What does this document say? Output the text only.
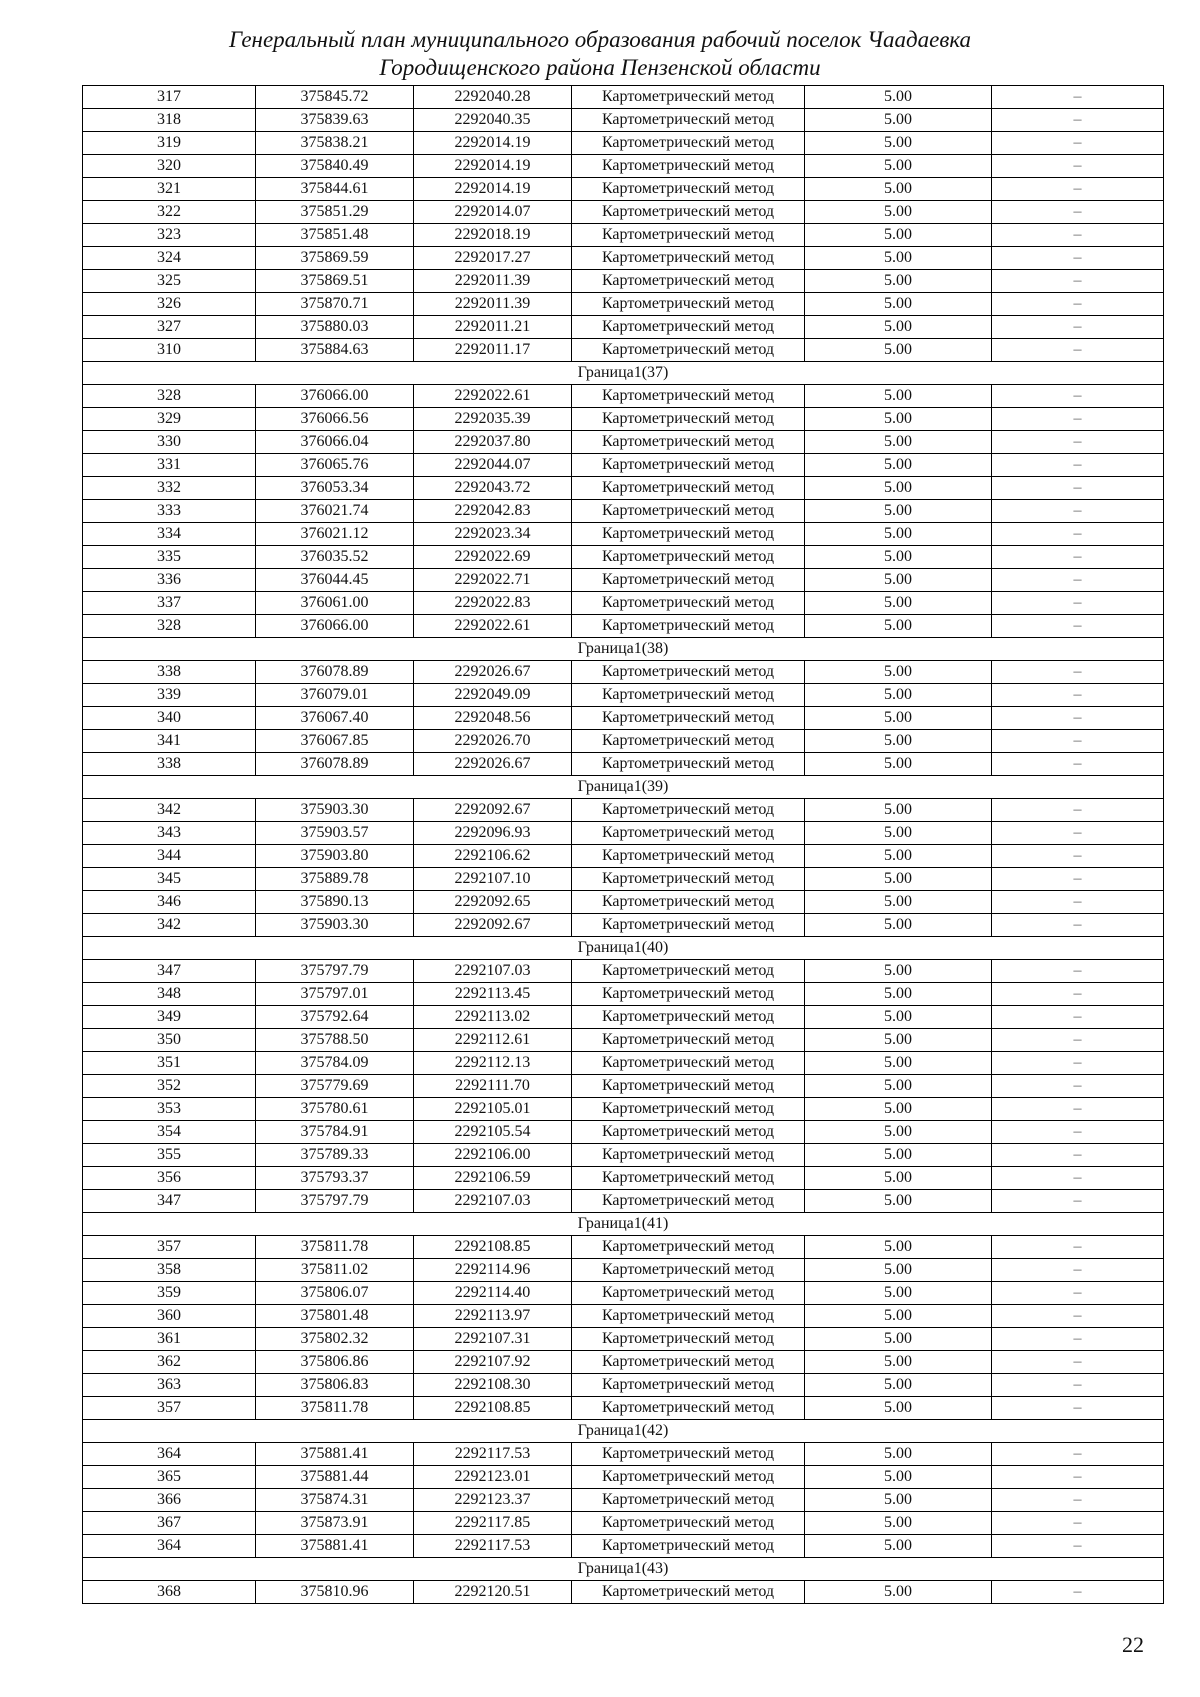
Генеральный план муниципального образования рабочий поселок Чаадаевка
Городищенского района Пензенской области
317	375845.72	2292040.28	Картометрический метод	5.00	–
318	375839.63	2292040.35	Картометрический метод	5.00	–
319	375838.21	2292014.19	Картометрический метод	5.00	–
320	375840.49	2292014.19	Картометрический метод	5.00	–
321	375844.61	2292014.19	Картометрический метод	5.00	–
322	375851.29	2292014.07	Картометрический метод	5.00	–
323	375851.48	2292018.19	Картометрический метод	5.00	–
324	375869.59	2292017.27	Картометрический метод	5.00	–
325	375869.51	2292011.39	Картометрический метод	5.00	–
326	375870.71	2292011.39	Картометрический метод	5.00	–
327	375880.03	2292011.21	Картометрический метод	5.00	–
310	375884.63	2292011.17	Картометрический метод	5.00	–
Граница1(37)					
328	376066.00	2292022.61	Картометрический метод	5.00	–
329	376066.56	2292035.39	Картометрический метод	5.00	–
330	376066.04	2292037.80	Картометрический метод	5.00	–
331	376065.76	2292044.07	Картометрический метод	5.00	–
332	376053.34	2292043.72	Картометрический метод	5.00	–
333	376021.74	2292042.83	Картометрический метод	5.00	–
334	376021.12	2292023.34	Картометрический метод	5.00	–
335	376035.52	2292022.69	Картометрический метод	5.00	–
336	376044.45	2292022.71	Картометрический метод	5.00	–
337	376061.00	2292022.83	Картометрический метод	5.00	–
328	376066.00	2292022.61	Картометрический метод	5.00	–
Граница1(38)					
338	376078.89	2292026.67	Картометрический метод	5.00	–
339	376079.01	2292049.09	Картометрический метод	5.00	–
340	376067.40	2292048.56	Картометрический метод	5.00	–
341	376067.85	2292026.70	Картометрический метод	5.00	–
338	376078.89	2292026.67	Картометрический метод	5.00	–
Граница1(39)					
342	375903.30	2292092.67	Картометрический метод	5.00	–
343	375903.57	2292096.93	Картометрический метод	5.00	–
344	375903.80	2292106.62	Картометрический метод	5.00	–
345	375889.78	2292107.10	Картометрический метод	5.00	–
346	375890.13	2292092.65	Картометрический метод	5.00	–
342	375903.30	2292092.67	Картометрический метод	5.00	–
Граница1(40)					
347	375797.79	2292107.03	Картометрический метод	5.00	–
348	375797.01	2292113.45	Картометрический метод	5.00	–
349	375792.64	2292113.02	Картометрический метод	5.00	–
350	375788.50	2292112.61	Картометрический метод	5.00	–
351	375784.09	2292112.13	Картометрический метод	5.00	–
352	375779.69	2292111.70	Картометрический метод	5.00	–
353	375780.61	2292105.01	Картометрический метод	5.00	–
354	375784.91	2292105.54	Картометрический метод	5.00	–
355	375789.33	2292106.00	Картометрический метод	5.00	–
356	375793.37	2292106.59	Картометрический метод	5.00	–
347	375797.79	2292107.03	Картометрический метод	5.00	–
Граница1(41)					
357	375811.78	2292108.85	Картометрический метод	5.00	–
358	375811.02	2292114.96	Картометрический метод	5.00	–
359	375806.07	2292114.40	Картометрический метод	5.00	–
360	375801.48	2292113.97	Картометрический метод	5.00	–
361	375802.32	2292107.31	Картометрический метод	5.00	–
362	375806.86	2292107.92	Картометрический метод	5.00	–
363	375806.83	2292108.30	Картометрический метод	5.00	–
357	375811.78	2292108.85	Картометрический метод	5.00	–
Граница1(42)					
364	375881.41	2292117.53	Картометрический метод	5.00	–
365	375881.44	2292123.01	Картометрический метод	5.00	–
366	375874.31	2292123.37	Картометрический метод	5.00	–
367	375873.91	2292117.85	Картометрический метод	5.00	–
364	375881.41	2292117.53	Картометрический метод	5.00	–
Граница1(43)					
368	375810.96	2292120.51	Картометрический метод	5.00	–
22
